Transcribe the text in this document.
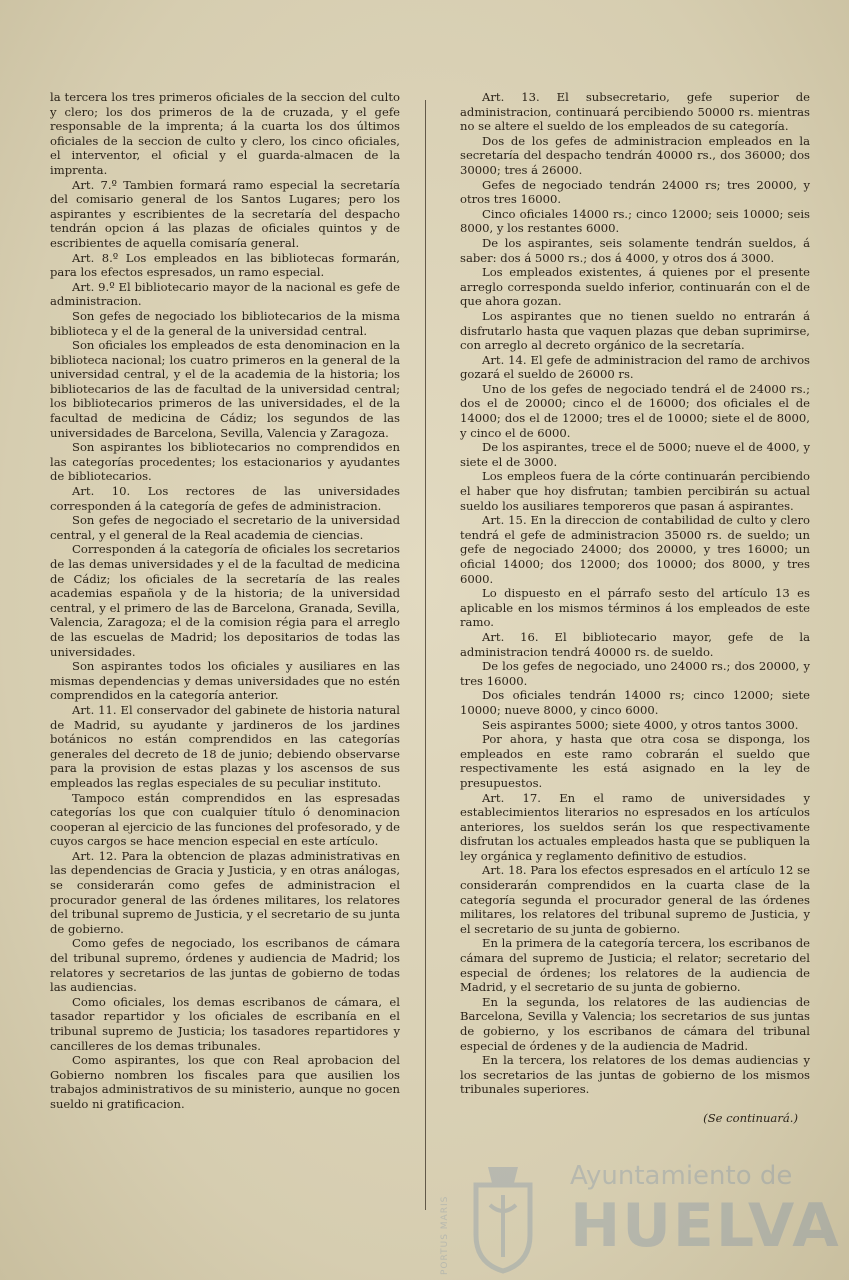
la tercera los tres primeros oficiales de la seccion del culto y clero; los dos primeros de la de cruzada, y el gefe responsable de la imprenta; á la cuarta los dos últimos oficiales de la seccion de culto y clero, los cinco oficiales, el interventor, el oficial y el guarda-almacen de la imprenta.

Art. 7.º Tambien formará ramo especial la secretaría del comisario general de los Santos Lugares; pero los aspirantes y escribientes de la secretaría del despacho tendrán opcion á las plazas de oficiales quintos y de escribientes de aquella comisaría general.

Art. 8.º Los empleados en las bibliotecas formarán, para los efectos espresados, un ramo especial.

Art. 9.º El bibliotecario mayor de la nacional es gefe de administracion.

Son gefes de negociado los bibliotecarios de la misma biblioteca y el de la general de la universidad central.

Son oficiales los empleados de esta denominacion en la biblioteca nacional; los cuatro primeros en la general de la universidad central, y el de la academia de la historia; los bibliotecarios de las de facultad de la universidad central; los bibliotecarios primeros de las universidades, el de la facultad de medicina de Cádiz; los segundos de las universidades de Barcelona, Sevilla, Valencia y Zaragoza.

Son aspirantes los bibliotecarios no comprendidos en las categorías procedentes; los estacionarios y ayudantes de bibliotecarios.

Art. 10. Los rectores de las universidades corresponden á la categoría de gefes de administracion.

Son gefes de negociado el secretario de la universidad central, y el general de la Real academia de ciencias.

Corresponden á la categoría de oficiales los secretarios de las demas universidades y el de la facultad de medicina de Cádiz; los oficiales de la secretaría de las reales academias española y de la historia; de la universidad central, y el primero de las de Barcelona, Granada, Sevilla, Valencia, Zaragoza; el de la comision régia para el arreglo de las escuelas de Madrid; los depositarios de todas las universidades.

Son aspirantes todos los oficiales y ausiliares en las mismas dependencias y demas universidades que no estén comprendidos en la categoría anterior.

Art. 11. El conservador del gabinete de historia natural de Madrid, su ayudante y jardineros de los jardines botánicos no están comprendidos en las categorías generales del decreto de 18 de junio; debiendo observarse para la provision de estas plazas y los ascensos de sus empleados las reglas especiales de su peculiar instituto.

Tampoco están comprendidos en las espresadas categorías los que con cualquier título ó denominacion cooperan al ejercicio de las funciones del profesorado, y de cuyos cargos se hace mencion especial en este artículo.

Art. 12. Para la obtencion de plazas administrativas en las dependencias de Gracia y Justicia, y en otras análogas, se considerarán como gefes de administracion el procurador general de las órdenes militares, los relatores del tribunal supremo de Justicia, y el secretario de su junta de gobierno.

Como gefes de negociado, los escribanos de cámara del tribunal supremo, órdenes y audiencia de Madrid; los relatores y secretarios de las juntas de gobierno de todas las audiencias.

Como oficiales, los demas escribanos de cámara, el tasador repartidor y los oficiales de escribanía en el tribunal supremo de Justicia; los tasadores repartidores y cancilleres de los demas tribunales.

Como aspirantes, los que con Real aprobacion del Gobierno nombren los fiscales para que ausilien los trabajos administrativos de su ministerio, aunque no gocen sueldo ni gratificacion.

Art. 13. El subsecretario, gefe superior de administracion, continuará percibiendo 50000 rs. mientras no se altere el sueldo de los empleados de su categoría.

Dos de los gefes de administracion empleados en la secretaría del despacho tendrán 40000 rs., dos 36000; dos 30000; tres á 26000.

Gefes de negociado tendrán 24000 rs; tres 20000, y otros tres 16000.

Cinco oficiales 14000 rs.; cinco 12000; seis 10000; seis 8000, y los restantes 6000.

De los aspirantes, seis solamente tendrán sueldos, á saber: dos á 5000 rs.; dos á 4000, y otros dos á 3000.

Los empleados existentes, á quienes por el presente arreglo corresponda sueldo inferior, continuarán con el de que ahora gozan.

Los aspirantes que no tienen sueldo no entrarán á disfrutarlo hasta que vaquen plazas que deban suprimirse, con arreglo al decreto orgánico de la secretaría.

Art. 14. El gefe de administracion del ramo de archivos gozará el sueldo de 26000 rs.

Uno de los gefes de negociado tendrá el de 24000 rs.; dos el de 20000; cinco el de 16000; dos oficiales el de 14000; dos el de 12000; tres el de 10000; siete el de 8000, y cinco el de 6000.

De los aspirantes, trece el de 5000; nueve el de 4000, y siete el de 3000.

Los empleos fuera de la córte continuarán percibiendo el haber que hoy disfrutan; tambien percibirán su actual sueldo los ausiliares temporeros que pasan á aspirantes.

Art. 15. En la direccion de contabilidad de culto y clero tendrá el gefe de administracion 35000 rs. de sueldo; un gefe de negociado 24000; dos 20000, y tres 16000; un oficial 14000; dos 12000; dos 10000; dos 8000, y tres 6000.

Lo dispuesto en el párrafo sesto del artículo 13 es aplicable en los mismos términos á los empleados de este ramo.

Art. 16. El bibliotecario mayor, gefe de la administracion tendrá 40000 rs. de sueldo.

De los gefes de negociado, uno 24000 rs.; dos 20000, y tres 16000.

Dos oficiales tendrán 14000 rs; cinco 12000; siete 10000; nueve 8000, y cinco 6000.

Seis aspirantes 5000; siete 4000, y otros tantos 3000.

Por ahora, y hasta que otra cosa se disponga, los empleados en este ramo cobrarán el sueldo que respectivamente les está asignado en la ley de presupuestos.

Art. 17. En el ramo de universidades y establecimientos literarios no espresados en los artículos anteriores, los sueldos serán los que respectivamente disfrutan los actuales empleados hasta que se publiquen la ley orgánica y reglamento definitivo de estudios.

Art. 18. Para los efectos espresados en el artículo 12 se considerarán comprendidos en la cuarta clase de la categoría segunda el procurador general de las órdenes militares, los relatores del tribunal supremo de Justicia, y el secretario de su junta de gobierno.

En la primera de la categoría tercera, los escribanos de cámara del supremo de Justicia; el relator; secretario del especial de órdenes; los relatores de la audiencia de Madrid, y el secretario de su junta de gobierno.

En la segunda, los relatores de las audiencias de Barcelona, Sevilla y Valencia; los secretarios de sus juntas de gobierno, y los escribanos de cámara del tribunal especial de órdenes y de la audiencia de Madrid.

En la tercera, los relatores de los demas audiencias y los secretarios de las juntas de gobierno de los mismos tribunales superiores.

(Se continuará.)
PORTUS MARIS
Ayuntamiento de
HUELVA
